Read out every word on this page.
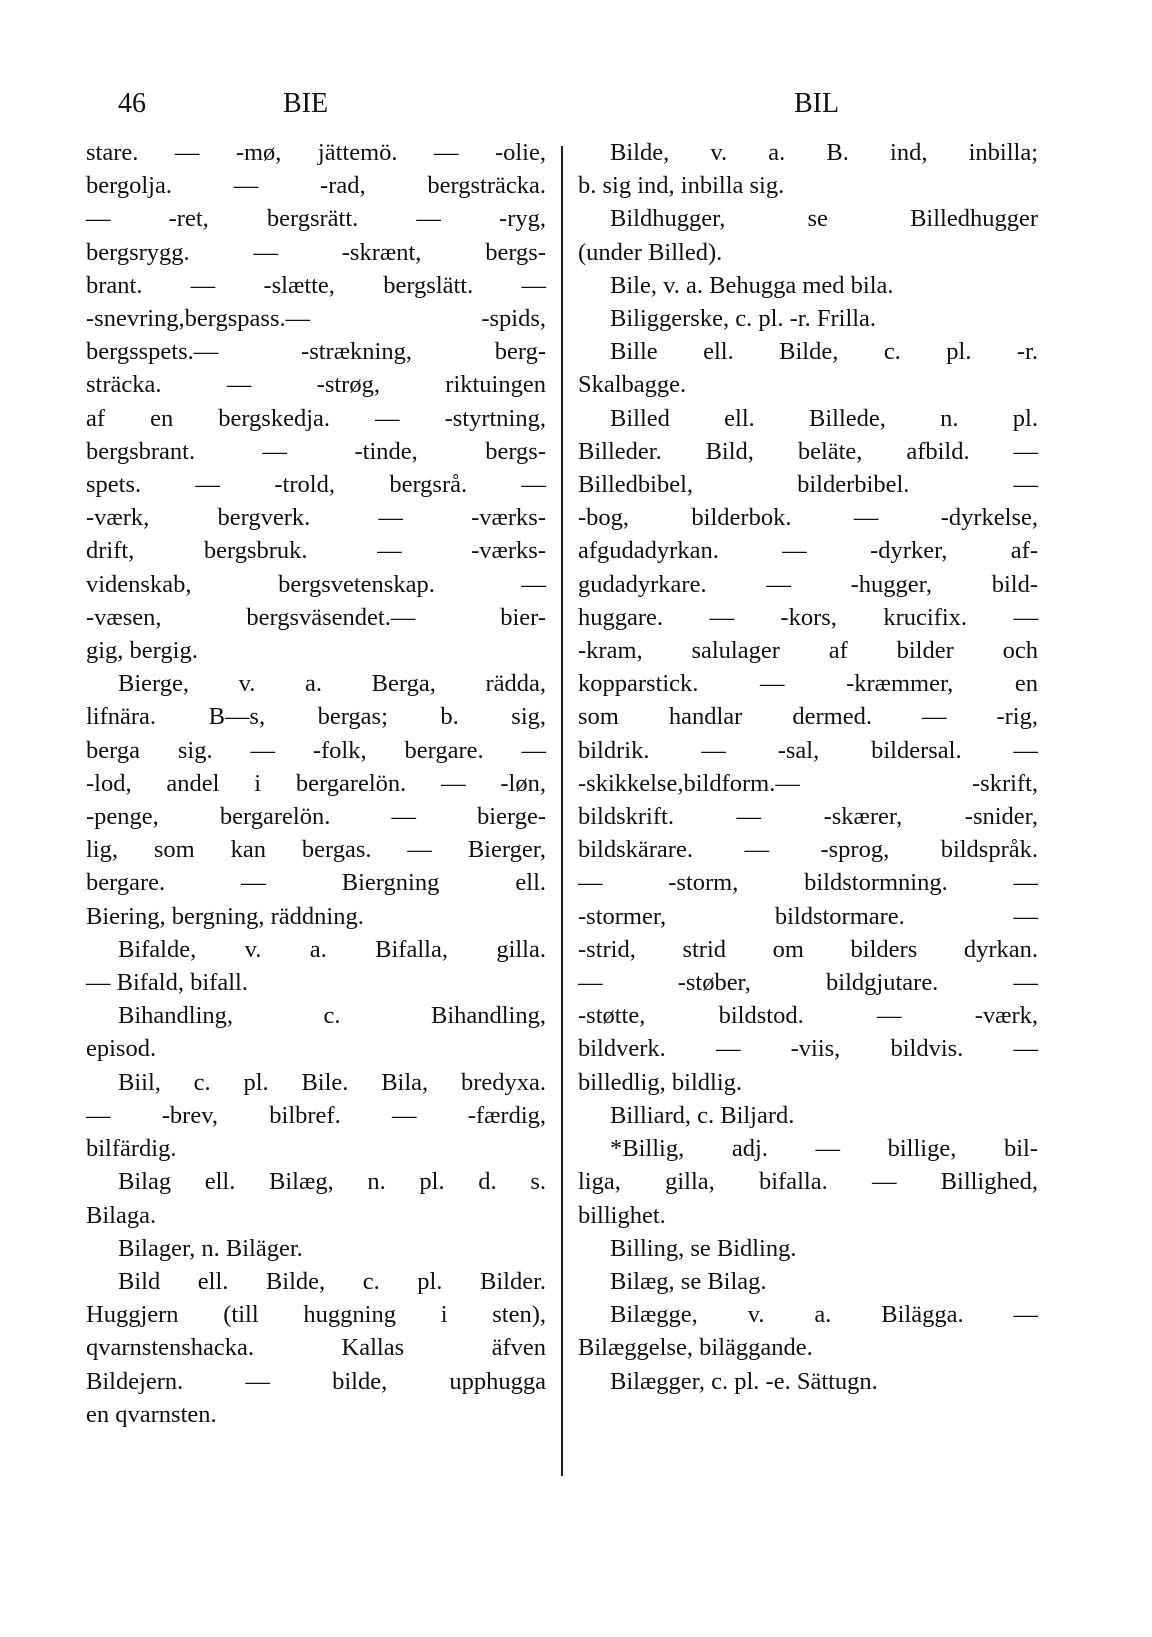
46	BIE	BIL
stare. — -mø, jättemö. — -olie,
bergolja. — -rad, bergsträcka.
— -ret, bergsrätt. — -ryg,
bergsrygg. — -skrænt, bergs-
brant. — -slætte, bergslätt. —
-snevring,bergspass.— -spids,
bergsspets.— -strækning, berg-
sträcka. — -strøg, riktuingen
af en bergskedja. — -styrtning,
bergsbrant. — -tinde, bergs-
spets. — -trold, bergsrå. —
-værk, bergverk. — -værks-
drift, bergsbruk. — -værks-
videnskab, bergsvetenskap. —
-væsen, bergsväsendet.— bier-
gig, bergig.
Bierge, v. a. Berga, rädda,
lifnära. B—s, bergas; b. sig,
berga sig. — -folk, bergare. —
-lod, andel i bergarelön. — -løn,
-penge, bergarelön. — bierge-
lig, som kan bergas. — Bierger,
bergare. — Biergning ell.
Biering, bergning, räddning.
Bifalde, v. a. Bifalla, gilla.
— Bifald, bifall.
Bihandling, c. Bihandling,
episod.
Biil, c. pl. Bile. Bila, bredyxa.
— -brev, bilbref. — -færdig,
bilfärdig.
Bilag ell. Bilæg, n. pl. d. s.
Bilaga.
Bilager, n. Biläger.
Bild ell. Bilde, c. pl. Bilder.
Huggjern (till huggning i sten),
qvarnstenshacka. Kallas äfven
Bildejern. — bilde, upphugga
en qvarnsten.
Bilde, v. a. B. ind, inbilla;
b. sig ind, inbilla sig.
Bildhugger, se Billedhugger
(under Billed).
Bile, v. a. Behugga med bila.
Biliggerske, c. pl. -r. Frilla.
Bille ell. Bilde, c. pl. -r.
Skalbagge.
Billed ell. Billede, n. pl.
Billeder. Bild, beläte, afbild. —
Billedbibel, bilderbibel. —
-bog, bilderbok. — -dyrkelse,
afgudadyrkan. — -dyrker, af-
gudadyrkare. — -hugger, bild-
huggare. — -kors, krucifix. —
-kram, salulager af bilder och
kopparstick. — -kræmmer, en
som handlar dermed. — -rig,
bildrik. — -sal, bildersal. —
-skikkelse,bildform.— -skrift,
bildskrift. — -skærer, -snider,
bildskärare. — -sprog, bildspråk.
— -storm, bildstormning. —
-stormer, bildstormare. —
-strid, strid om bilders dyrkan.
— -støber, bildgjutare. —
-støtte, bildstod. — -værk,
bildverk. — -viis, bildvis. —
billedlig, bildlig.
Billiard, c. Biljard.
*Billig, adj. — billige, bil-
liga, gilla, bifalla. — Billighed,
billighet.
Billing, se Bidling.
Bilæg, se Bilag.
Bilægge, v. a. Bilägga. —
Bilæggelse, biläggande.
Bilægger, c. pl. -e. Sättugn.
